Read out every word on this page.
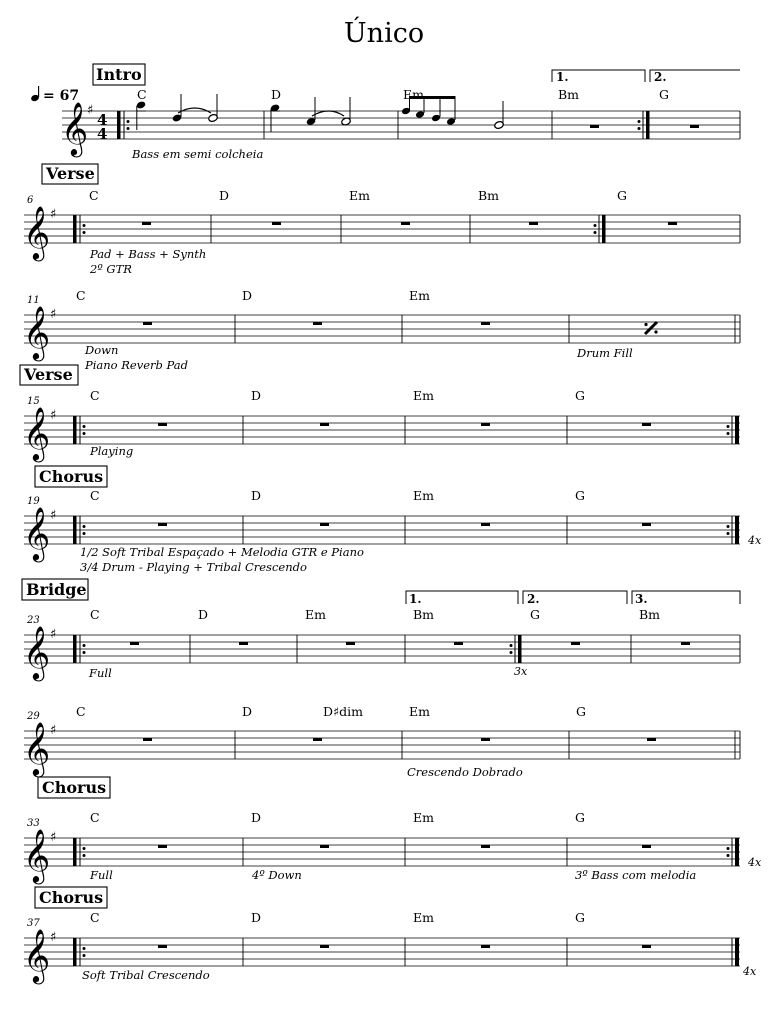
Único
= 67
Intro
𝄞
♯
4
4
1.	2.
C	D	Em	Bm	G
Bass em semi colcheia
Verse
6
𝄞 ♯
C	D	Em	Bm	G
Pad + Bass + Synth
2º GTR
11
𝄞 ♯
C	D	Em
Down
Piano Reverb Pad
Drum Fill
Verse
15
𝄞 ♯
C	D	Em	G
Playing
Chorus
19
𝄞 ♯
4x
C	D	Em	G
1/2 Soft Tribal Espaçado + Melodia GTR e Piano
3/4 Drum - Playing + Tribal Crescendo
Bridge
23
𝄞 ♯
3x
1.	2.	3.
C	D	Em	Bm	G	Bm
Full
29
𝄞 ♯
C	D	D♯dim	Em	G
Crescendo Dobrado
Chorus
33
𝄞 ♯
4x
C	D	Em	G
Full	4º Down	3º Bass com melodia
Chorus
37
𝄞 ♯
4x
C	D	Em	G
Soft Tribal Crescendo
